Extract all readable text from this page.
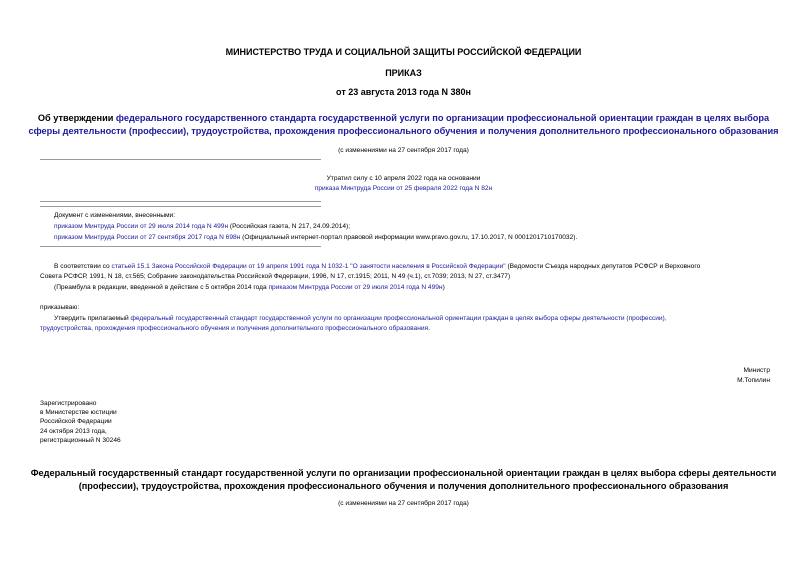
МИНИСТЕРСТВО ТРУДА И СОЦИАЛЬНОЙ ЗАЩИТЫ РОССИЙСКОЙ ФЕДЕРАЦИИ
ПРИКАЗ
от 23 августа 2013 года N 380н
Об утверждении федерального государственного стандарта государственной услуги по организации профессиональной ориентации граждан в целях выбора
сферы деятельности (профессии), трудоустройства, прохождения профессионального обучения и получения дополнительного профессионального образования
(с изменениями на 27 сентября 2017 года)
Утратил силу с 10 апреля 2022 года на основании
приказа Минтруда России от 25 февраля 2022 года N 82н
Документ с изменениями, внесенными:
приказом Минтруда России от 29 июля 2014 года N 499н (Российская газета, N 217, 24.09.2014);
приказом Минтруда России от 27 сентября 2017 года N 698н (Официальный интернет-портал правовой информации www.pravo.gov.ru, 17.10.2017, N 0001201710170032).
В соответствии со статьей 15.1 Закона Российской Федерации от 19 апреля 1991 года N 1032-1 "О занятости населения в Российской Федерации" (Ведомости Съезда народных депутатов РСФСР и Верховного
Совета РСФСР, 1991, N 18, ст.565; Собрание законодательства Российской Федерации, 1996, N 17, ст.1915; 2011, N 49 (ч.1), ст.7039; 2013, N 27, ст.3477)
(Преамбула в редакции, введенной в действие с 5 октября 2014 года приказом Минтруда России от 29 июля 2014 года N 499н)
приказываю:
Утвердить прилагаемый федеральный государственный стандарт государственной услуги по организации профессиональной ориентации граждан в целях выбора сферы деятельности (профессии),
трудоустройства, прохождения профессионального обучения и получения дополнительного профессионального образования.
Министр
М.Топилин
Зарегистрировано
в Министерстве юстиции
Российской Федерации
24 октября 2013 года,
регистрационный N 30246
Федеральный государственный стандарт государственной услуги по организации профессиональной ориентации граждан в целях выбора сферы деятельности
(профессии), трудоустройства, прохождения профессионального обучения и получения дополнительного профессионального образования
(с изменениями на 27 сентября 2017 года)
